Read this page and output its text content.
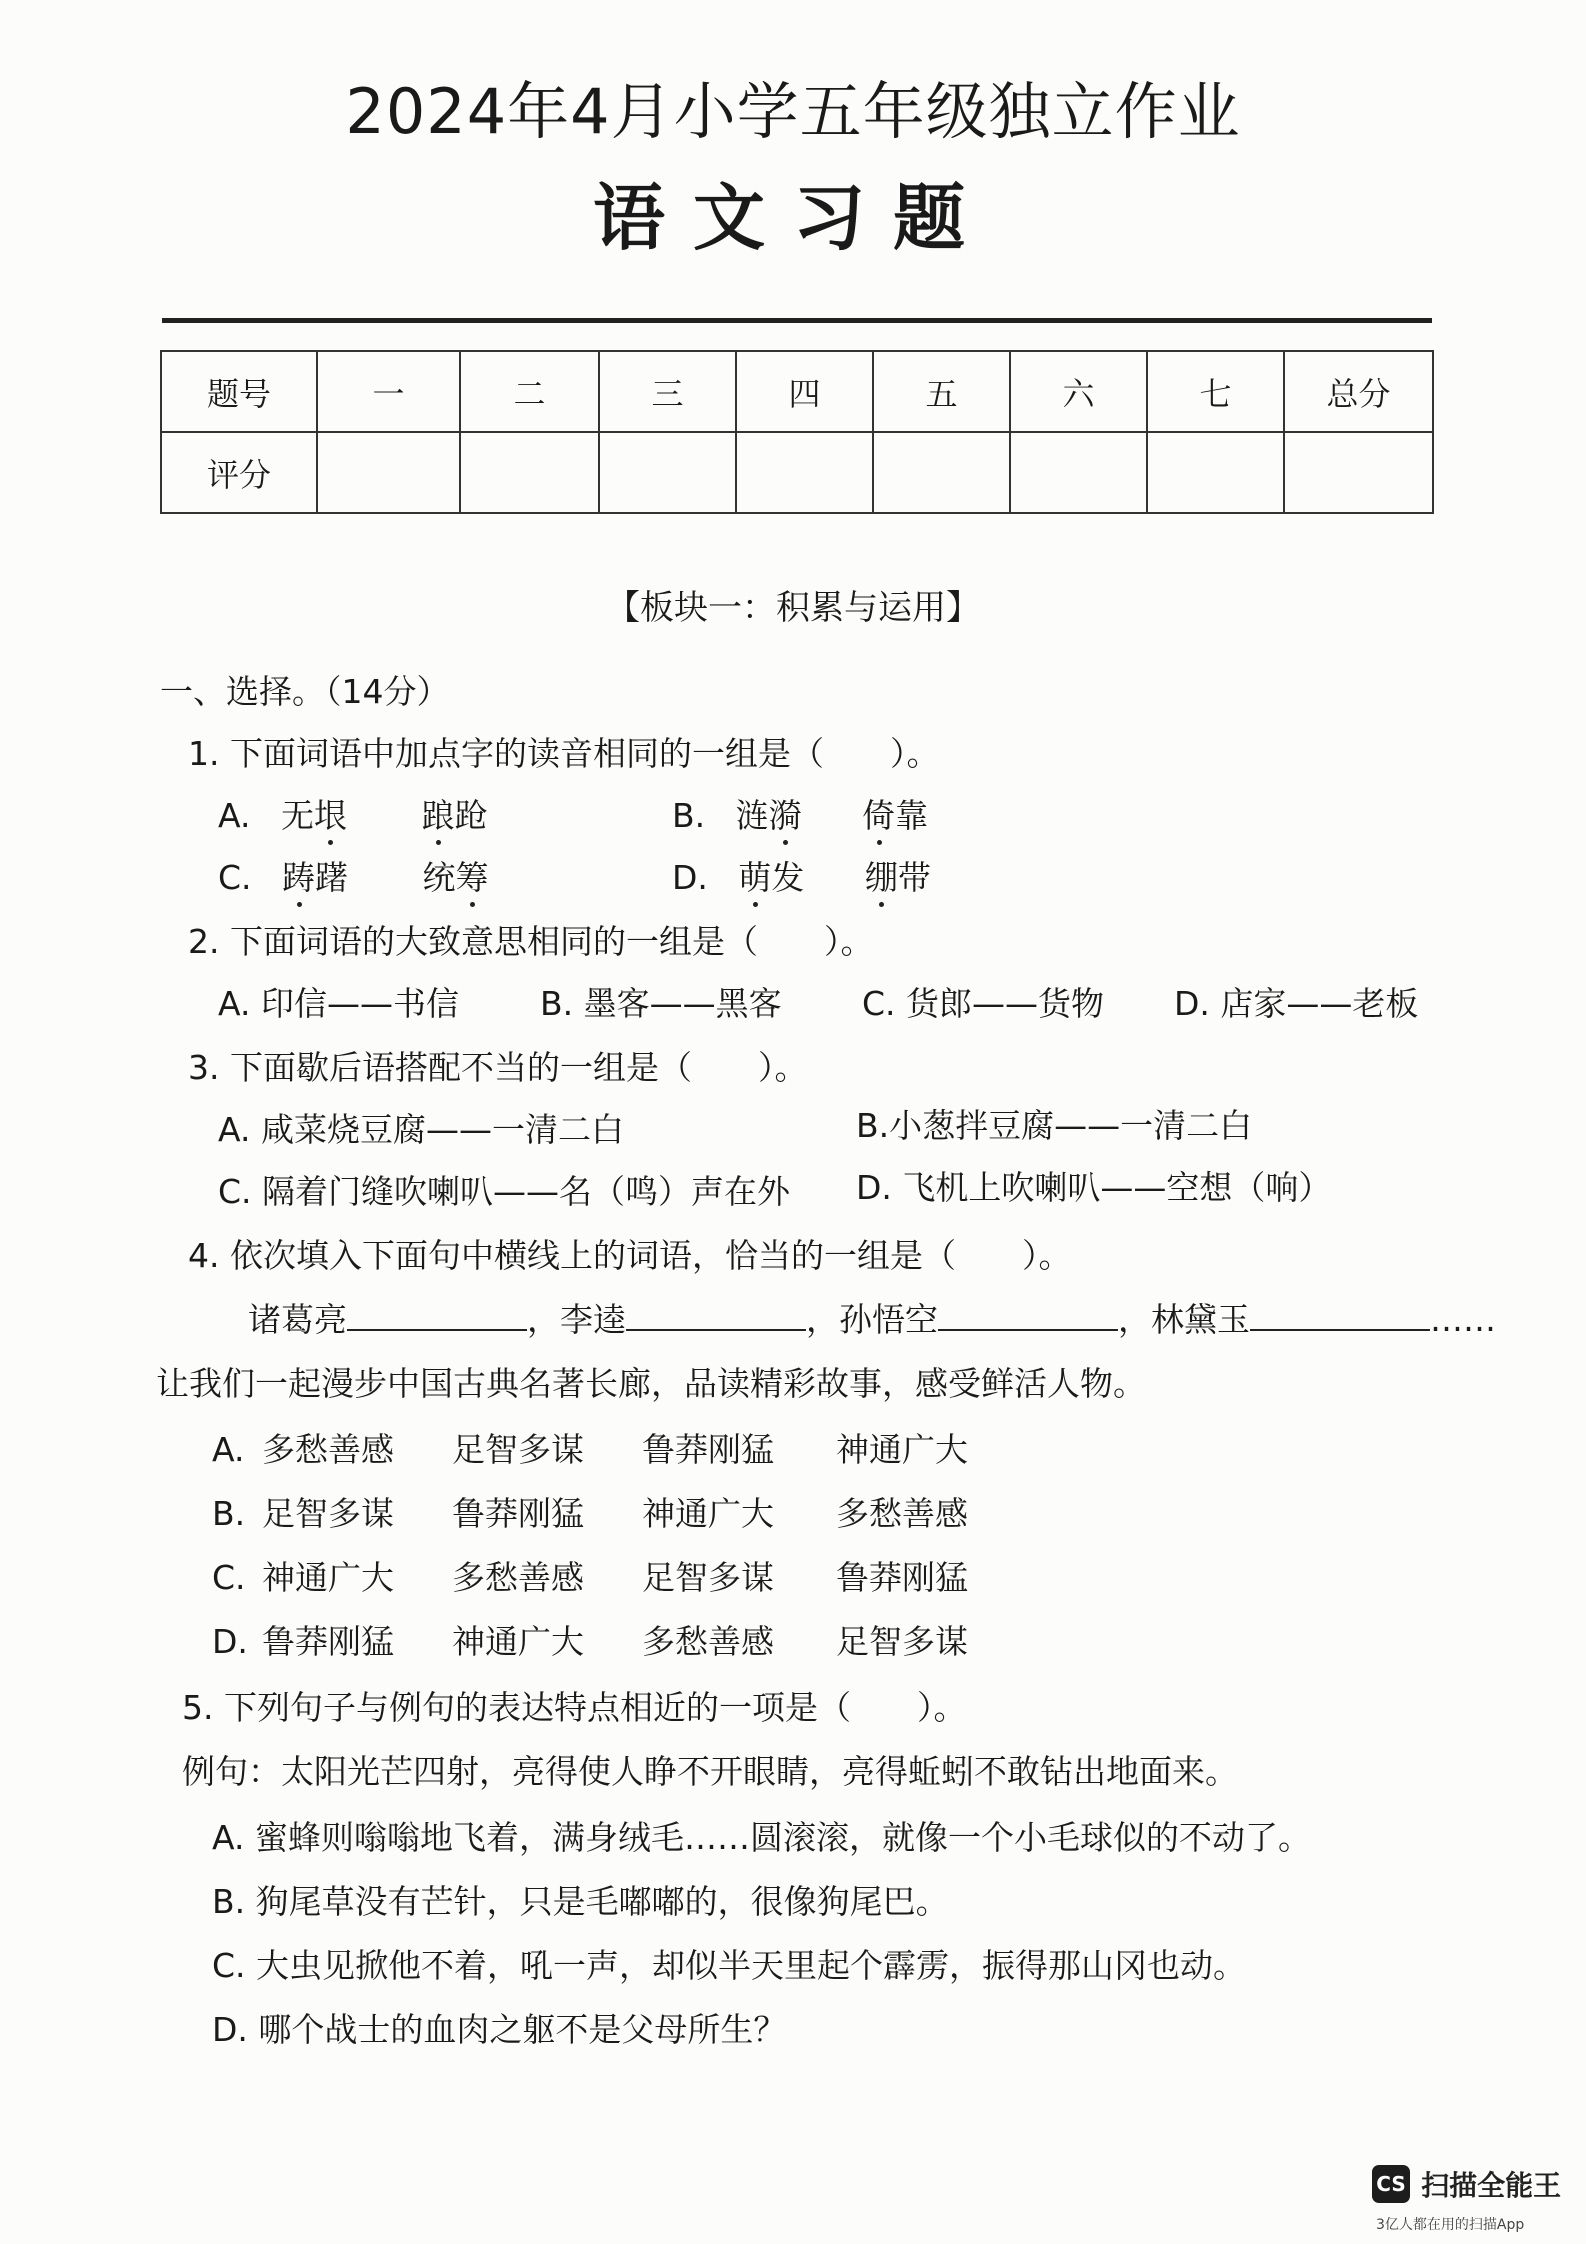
2024年4月小学五年级独立作业
语文习题
题号	一	二	三	四	五	六	七	总分
评分								
【板块一：积累与运用】
一、选择。（14分）
1. 下面词语中加点字的读音相同的一组是（　　）。
A. 无垠 踉跄	B. 涟漪 倚靠
C. 踌躇 统筹	D. 萌发 绷带
2. 下面词语的大致意思相同的一组是（　　）。
A. 印信——书信 B. 墨客——黑客 C. 货郎——货物 D. 店家——老板
3. 下面歇后语搭配不当的一组是（　　）。
A. 咸菜烧豆腐——一清二白	B.小葱拌豆腐——一清二白
C. 隔着门缝吹喇叭——名（鸣）声在外 D. 飞机上吹喇叭——空想（响）
4. 依次填入下面句中横线上的词语，恰当的一组是（　　）。
诸葛亮	，李逵	，孙悟空	，林黛玉	……
让我们一起漫步中国古典名著长廊，品读精彩故事，感受鲜活人物。
A. 多愁善感 足智多谋 鲁莽刚猛 神通广大
B. 足智多谋 鲁莽刚猛 神通广大 多愁善感
C. 神通广大 多愁善感 足智多谋 鲁莽刚猛
D. 鲁莽刚猛 神通广大 多愁善感 足智多谋
5. 下列句子与例句的表达特点相近的一项是（　　）。
例句：太阳光芒四射，亮得使人睁不开眼睛，亮得蚯蚓不敢钻出地面来。
A. 蜜蜂则嗡嗡地飞着，满身绒毛……圆滚滚，就像一个小毛球似的不动了。
B. 狗尾草没有芒针，只是毛嘟嘟的，很像狗尾巴。
C. 大虫见掀他不着，吼一声，却似半天里起个霹雳，振得那山冈也动。
D. 哪个战士的血肉之躯不是父母所生？
CS 扫描全能王
3亿人都在用的扫描App
